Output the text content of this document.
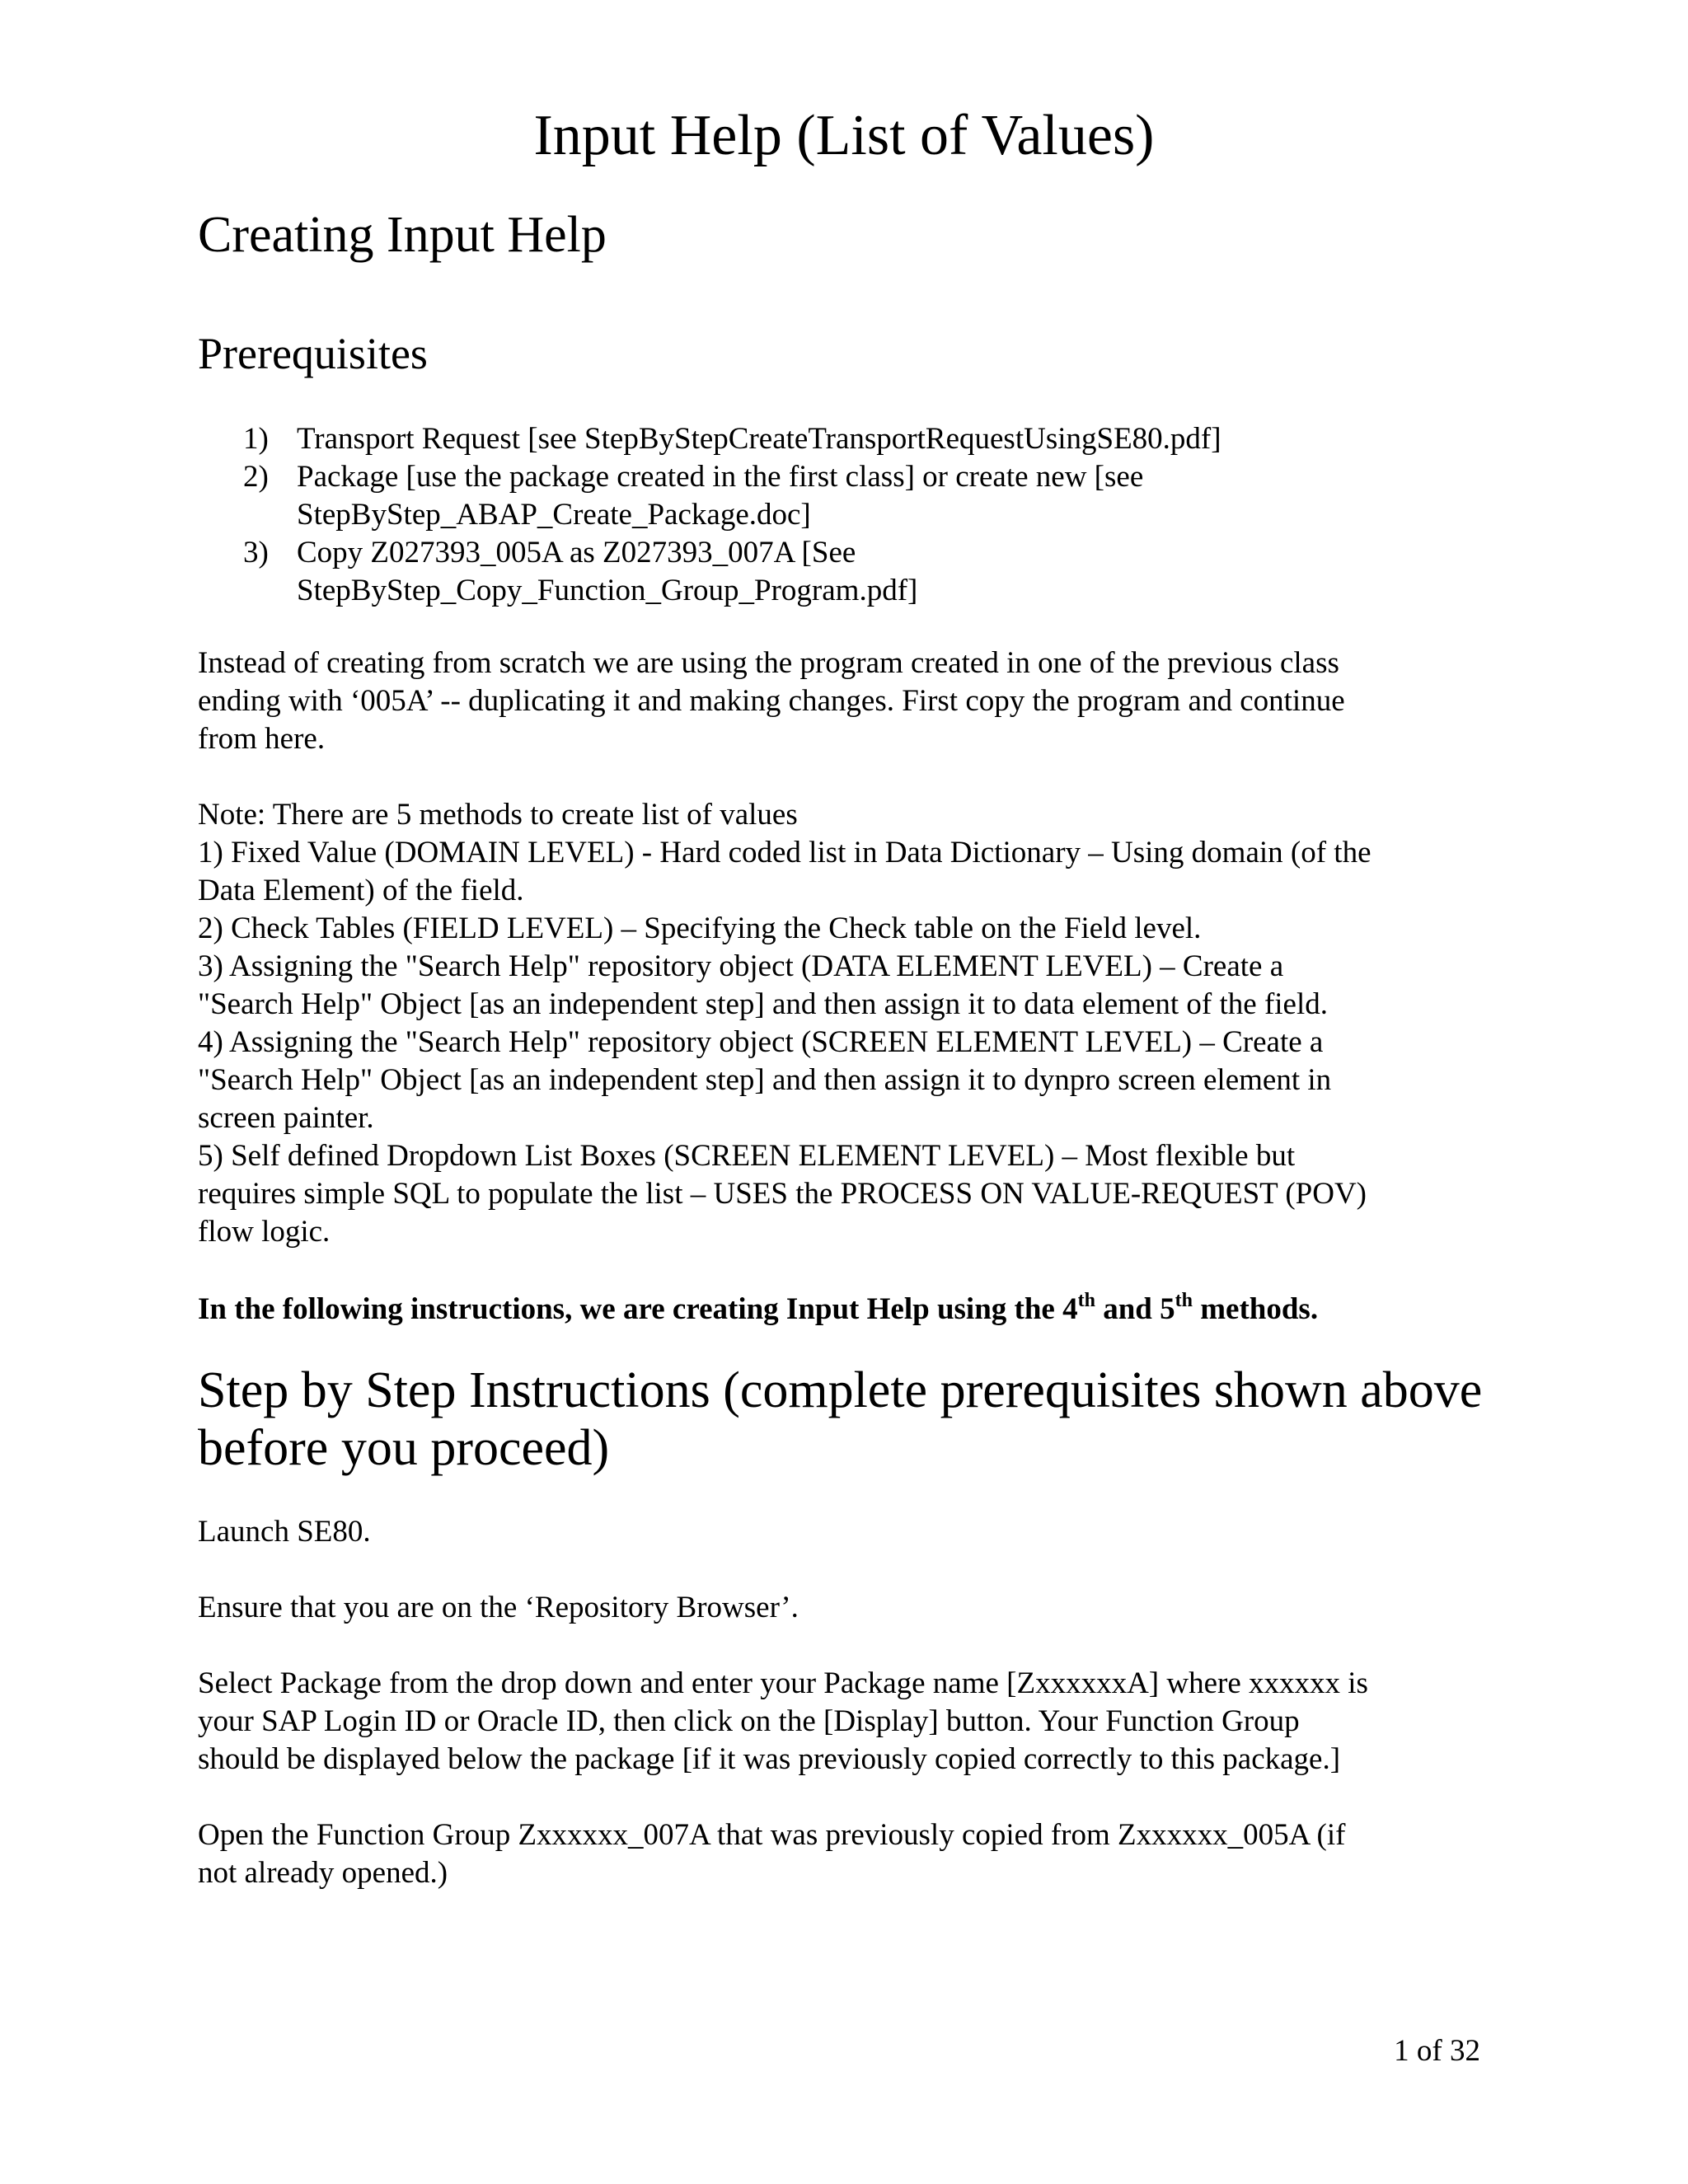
Input Help (List of Values)
Creating Input Help
Prerequisites
1) Transport Request [see StepByStepCreateTransportRequestUsingSE80.pdf]
2) Package [use the package created in the first class] or create new [see
StepByStep_ABAP_Create_Package.doc]
3) Copy Z027393_005A as Z027393_007A [See
StepByStep_Copy_Function_Group_Program.pdf]

Instead of creating from scratch we are using the program created in one of the previous class
ending with ‘005A’ -- duplicating it and making changes. First copy the program and continue
from here.

Note: There are 5 methods to create list of values
1) Fixed Value (DOMAIN LEVEL) - Hard coded list in Data Dictionary – Using domain (of the
Data Element) of the field.
2) Check Tables (FIELD LEVEL) – Specifying the Check table on the Field level.
3) Assigning the "Search Help" repository object (DATA ELEMENT LEVEL) – Create a
"Search Help" Object [as an independent step] and then assign it to data element of the field.
4) Assigning the "Search Help" repository object (SCREEN ELEMENT LEVEL) – Create a
"Search Help" Object [as an independent step] and then assign it to dynpro screen element in
screen painter.
5) Self defined Dropdown List Boxes (SCREEN ELEMENT LEVEL) – Most flexible but
requires simple SQL to populate the list – USES the PROCESS ON VALUE-REQUEST (POV)
flow logic.

In the following instructions, we are creating Input Help using the 4th and 5th methods.

Step by Step Instructions (complete prerequisites shown above
before you proceed)

Launch SE80.

Ensure that you are on the ‘Repository Browser’.

Select Package from the drop down and enter your Package name [ZxxxxxxA] where xxxxxx is
your SAP Login ID or Oracle ID, then click on the [Display] button. Your Function Group
should be displayed below the package [if it was previously copied correctly to this package.]

Open the Function Group Zxxxxxx_007A that was previously copied from Zxxxxxx_005A (if
not already opened.)

1 of 32
